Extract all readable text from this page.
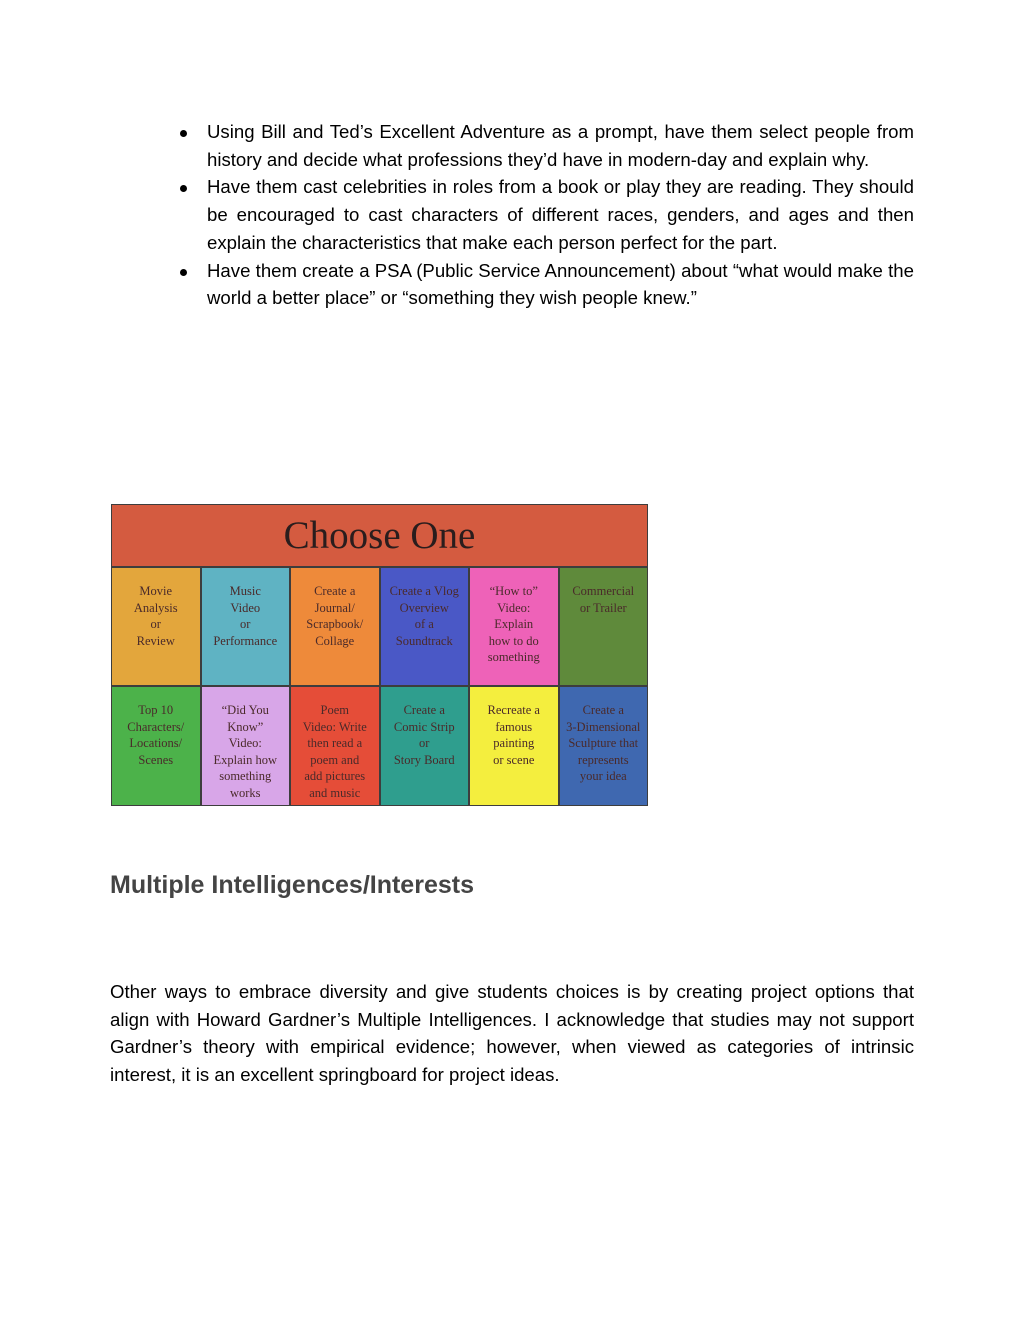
Using Bill and Ted’s Excellent Adventure as a prompt, have them select people from history and decide what professions they’d have in modern-day and explain why.
Have them cast celebrities in roles from a book or play they are reading. They should be encouraged to cast characters of different races, genders, and ages and then explain the characteristics that make each person perfect for the part.
Have them create a PSA (Public Service Announcement) about “what would make the world a better place” or “something they wish people knew.”
Choose One
Movie
Analysis
or
Review
Music
Video
or
Performance
Create a
Journal/
Scrapbook/
Collage
Create a Vlog
Overview
of a
Soundtrack
“How to”
Video:
Explain
how to do
something
Commercial
or Trailer
Top 10
Characters/
Locations/
Scenes
“Did You
Know”
Video:
Explain how
something
works
Poem
Video: Write
then read a
poem and
add pictures
and music
Create a
Comic Strip
or
Story Board
Recreate a
famous
painting
or scene
Create a
3-Dimensional
Sculpture that
represents
your idea
Multiple Intelligences/Interests

Other ways to embrace diversity and give students choices is by creating project options that align with Howard Gardner’s Multiple Intelligences. I acknowledge that studies may not support Gardner’s theory with empirical evidence; however, when viewed as categories of intrinsic interest, it is an excellent springboard for project ideas.
